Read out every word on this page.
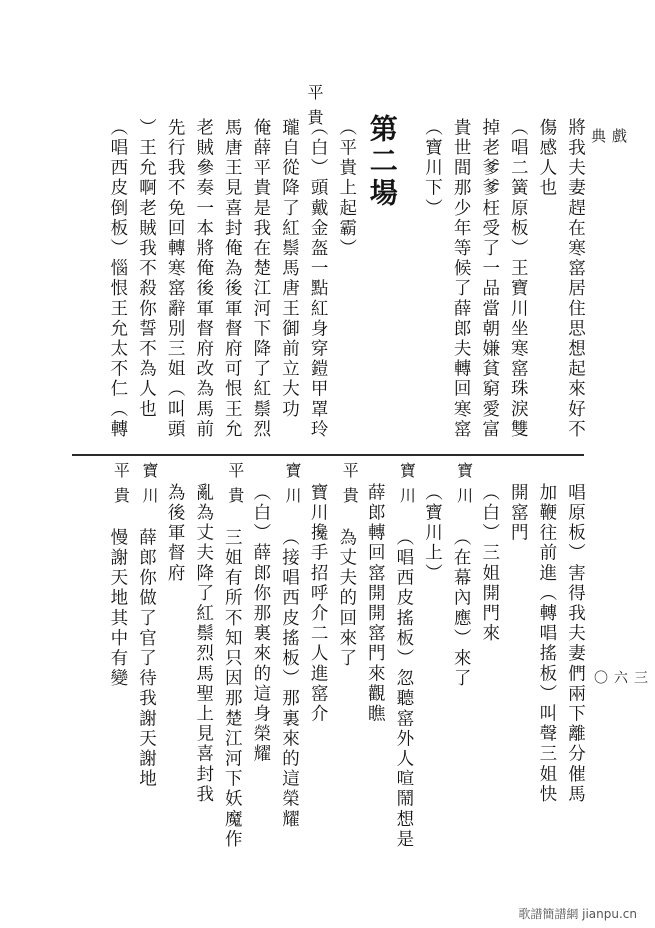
戲典
三六〇
將我夫妻趕在寒窰居住思想起來好不
傷感人也
（唱二簧原板）王寶川坐寒窰珠淚雙
掉老爹爹枉受了一品當朝嫌貧窮愛富
貴世間那少年等候了薛郎夫轉回寒窰
（寶川下）
第二場
（平貴上起霸）
（白）頭戴金盔一點紅身穿鎧甲罩玲
瓏自從降了紅鬃馬唐王御前立大功
俺薛平貴是我在楚江河下降了紅鬃烈
馬唐王見喜封俺為後軍督府可恨王允
老賊參奏一本將俺後軍督府改為馬前
先行我不免回轉寒窰辭別三姐（叫頭
）王允啊老賊我不殺你誓不為人也
（唱西皮倒板）惱恨王允太不仁（轉
唱原板）害得我夫妻們兩下離分催馬
加鞭往前進（轉唱搖板）叫聲三姐快
開窰門
（白）三姐開門來
寶川
（在幕內應）來了
（寶川上）
寶川
（唱西皮搖板）忽聽窰外人喧鬧想是
薛郎轉回窰開開窰門來觀瞧
平貴
為丈夫的回來了
寶川攙手招呼介二人進窰介
寶川
（接唱西皮搖板）那裏來的這榮耀
（白）薛郎你那裏來的這身榮耀
平貴
三姐有所不知只因那楚江河下妖魔作
亂為丈夫降了紅鬃烈馬聖上見喜封我
為後軍督府
寶川
薛郎你做了官了待我謝天謝地
平貴
慢謝天地其中有變
平貴
歌譜簡譜網 jianpu.cn
